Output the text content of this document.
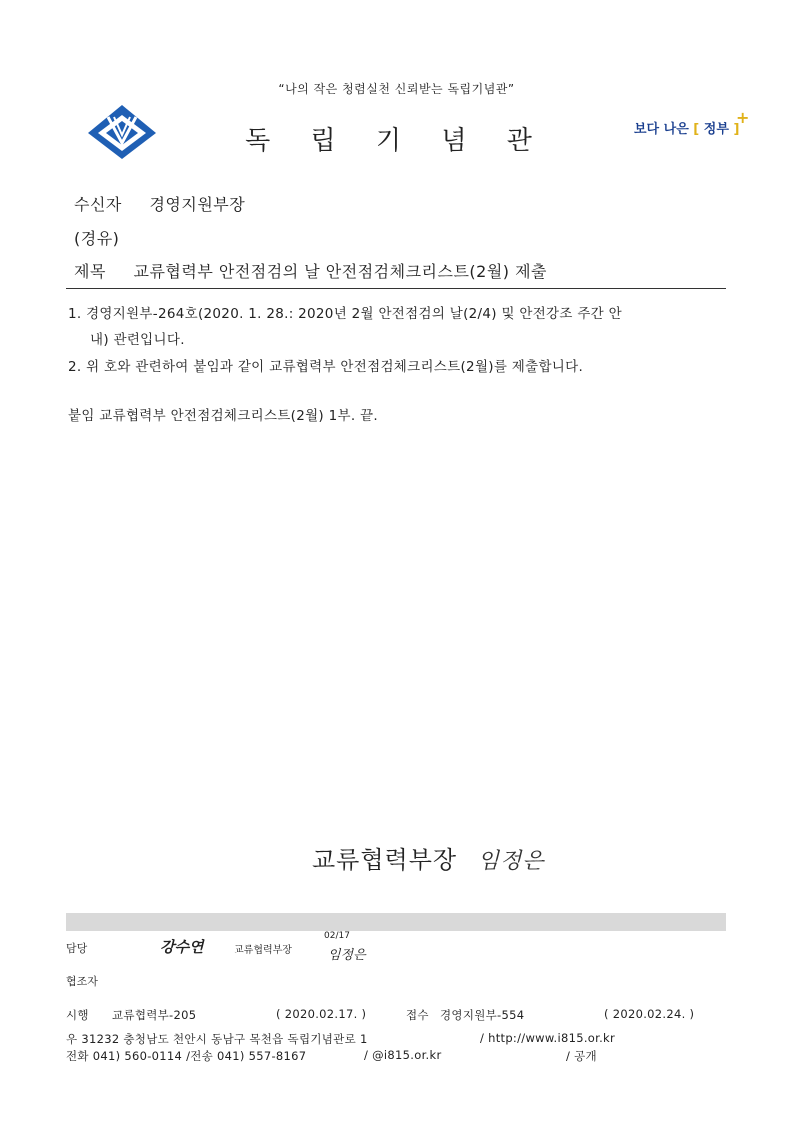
“나의 작은 청렴실천 신뢰받는 독립기념관”
독 립 기 념 관	보다 나은 [ 정부 ]
+
수신자 경영지원부장
(경유)
제목 교류협력부 안전점검의 날 안전점검체크리스트(2월) 제출
1. 경영지원부-264호(2020. 1. 28.: 2020년 2월 안전점검의 날(2/4) 및 안전강조 주간 안
내) 관련입니다.
2. 위 호와 관련하여 붙임과 같이 교류협력부 안전점검체크리스트(2월)를 제출합니다.
붙임 교류협력부 안전점검체크리스트(2월) 1부. 끝.
교류협력부장 임정은
담당	강수연	교류협력부장
02/17
임정은
협조자
시행 교류협력부-205	( 2020.02.17. )	접수 경영지원부-554	( 2020.02.24. )
우 31232 충청남도 천안시 동남구 목천읍 독립기념관로 1	/ http://www.i815.or.kr
전화 041) 560-0114 /전송 041) 557-8167	/ @i815.or.kr	/ 공개
